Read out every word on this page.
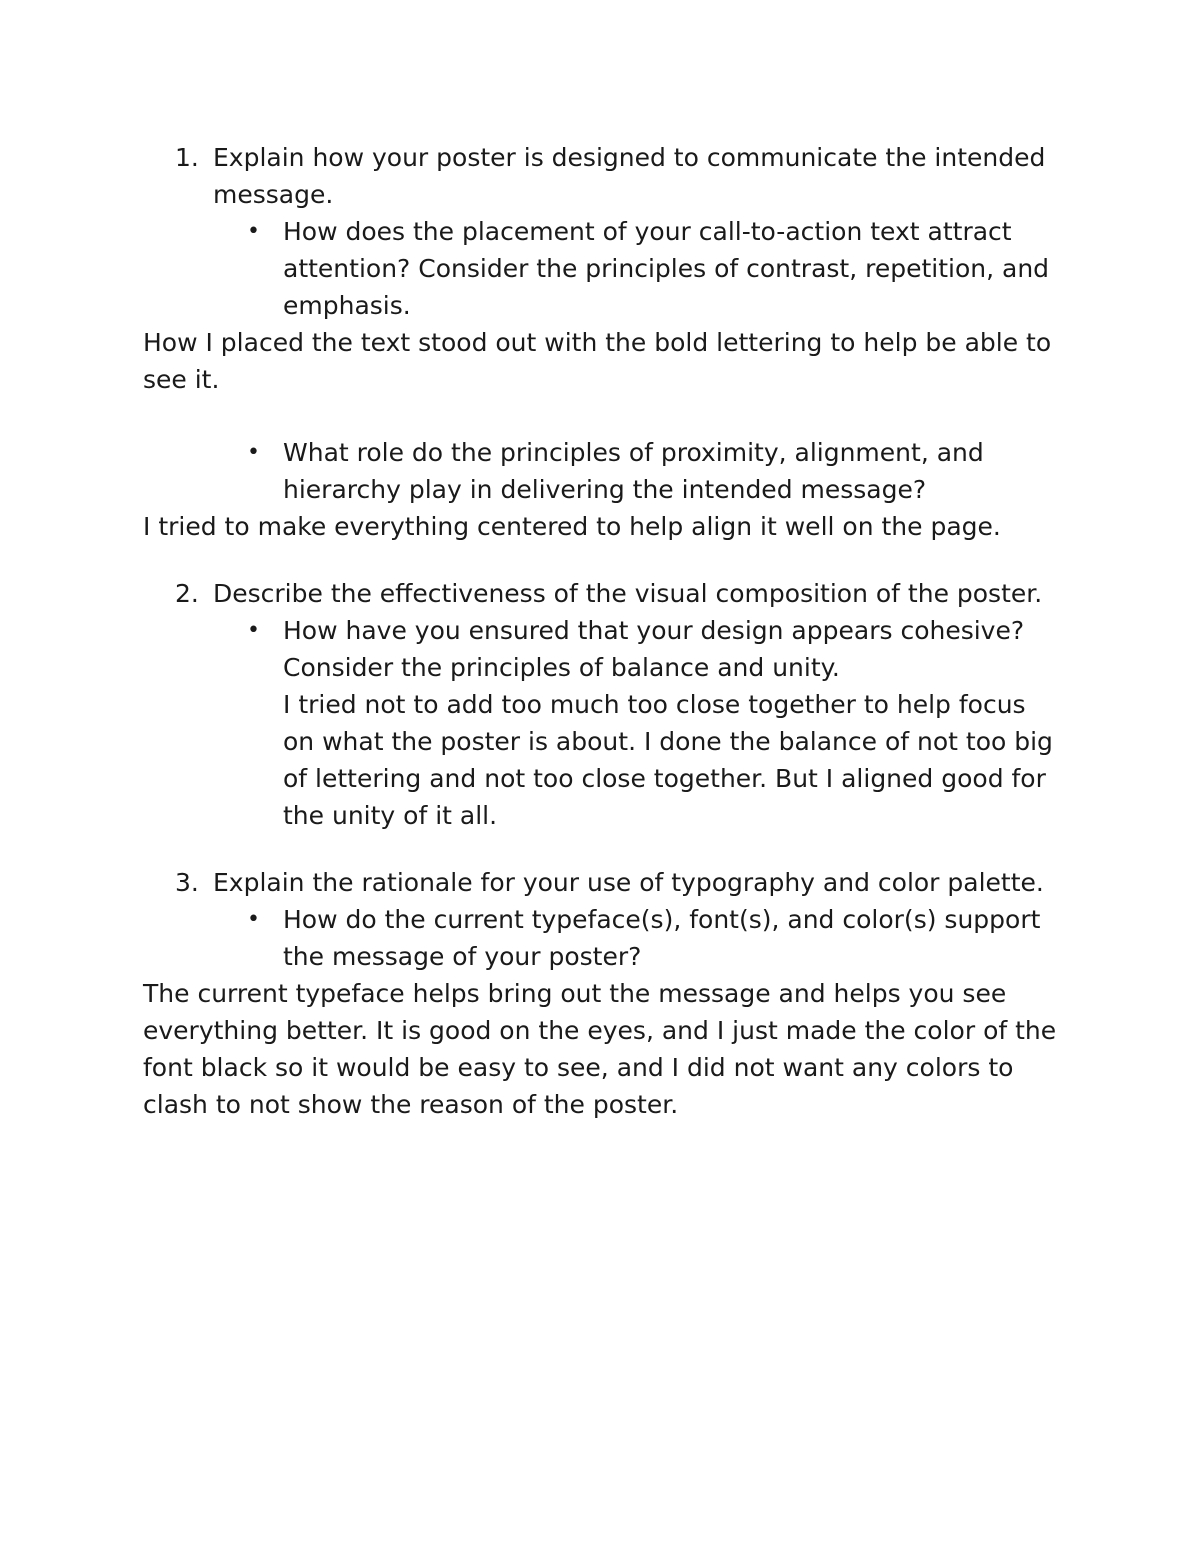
1. Explain how your poster is designed to communicate the intended message.

• How does the placement of your call-to-action text attract attention? Consider the principles of contrast, repetition, and emphasis.

How I placed the text stood out with the bold lettering to help be able to see it.

• What role do the principles of proximity, alignment, and hierarchy play in delivering the intended message?

I tried to make everything centered to help align it well on the page.

2. Describe the effectiveness of the visual composition of the poster.

• How have you ensured that your design appears cohesive? Consider the principles of balance and unity.

I tried not to add too much too close together to help focus on what the poster is about. I done the balance of not too big of lettering and not too close together. But I aligned good for the unity of it all.

3. Explain the rationale for your use of typography and color palette.

• How do the current typeface(s), font(s), and color(s) support the message of your poster?

The current typeface helps bring out the message and helps you see everything better. It is good on the eyes, and I just made the color of the font black so it would be easy to see, and I did not want any colors to clash to not show the reason of the poster.
